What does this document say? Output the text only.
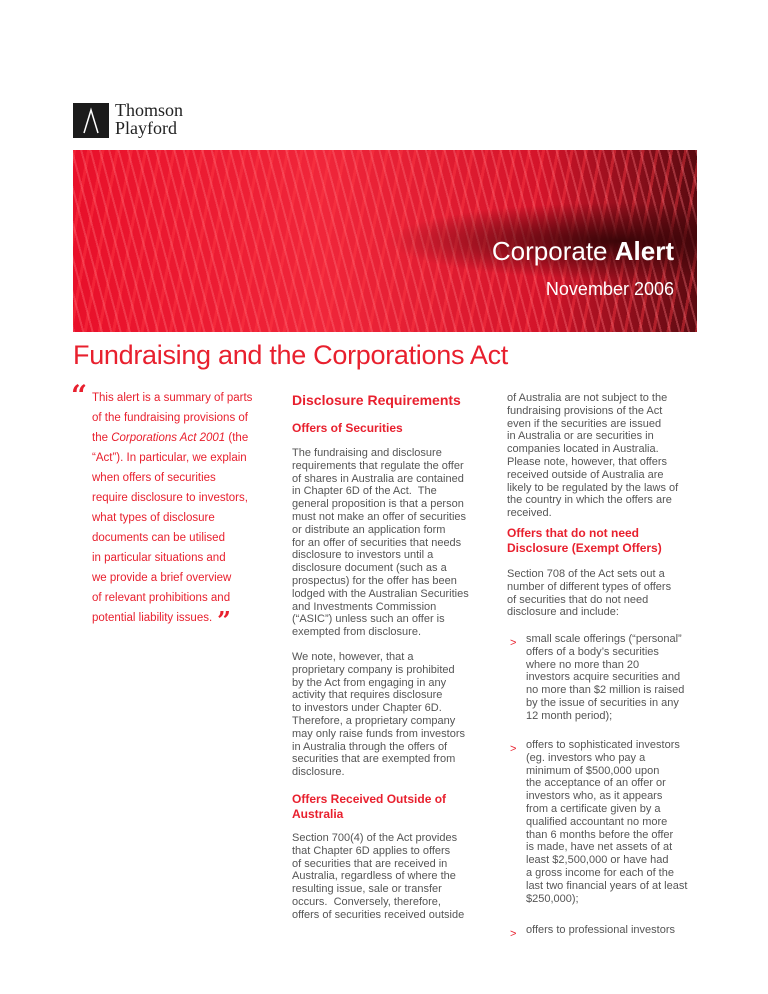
Thomson
Playford
Corporate Alert
November 2006
Fundraising and the Corporations Act
“ This alert is a summary of parts
of the fundraising provisions of
the Corporations Act 2001 (the
“Act”). In particular, we explain
when offers of securities
require disclosure to investors,
what types of disclosure
documents can be utilised
in particular situations and
we provide a brief overview
of relevant prohibitions and
potential liability issues. ”
Disclosure Requirements
Offers of Securities
The fundraising and disclosure
requirements that regulate the offer
of shares in Australia are contained
in Chapter 6D of the Act.  The
general proposition is that a person
must not make an offer of securities
or distribute an application form
for an offer of securities that needs
disclosure to investors until a
disclosure document (such as a
prospectus) for the offer has been
lodged with the Australian Securities
and Investments Commission
(“ASIC”) unless such an offer is
exempted from disclosure.
We note, however, that a
proprietary company is prohibited
by the Act from engaging in any
activity that requires disclosure
to investors under Chapter 6D.
Therefore, a proprietary company
may only raise funds from investors
in Australia through the offers of
securities that are exempted from
disclosure.
Offers Received Outside of
Australia
Section 700(4) of the Act provides
that Chapter 6D applies to offers
of securities that are received in
Australia, regardless of where the
resulting issue, sale or transfer
occurs.  Conversely, therefore,
offers of securities received outside
of Australia are not subject to the
fundraising provisions of the Act
even if the securities are issued
in Australia or are securities in
companies located in Australia.
Please note, however, that offers
received outside of Australia are
likely to be regulated by the laws of
the country in which the offers are
received.
Offers that do not need
Disclosure (Exempt Offers)
Section 708 of the Act sets out a
number of different types of offers
of securities that do not need
disclosure and include:
> small scale offerings (“personal”
offers of a body’s securities
where no more than 20
investors acquire securities and
no more than $2 million is raised
by the issue of securities in any
12 month period);
> offers to sophisticated investors
(eg. investors who pay a
minimum of $500,000 upon
the acceptance of an offer or
investors who, as it appears
from a certificate given by a
qualified accountant no more
than 6 months before the offer
is made, have net assets of at
least $2,500,000 or have had
a gross income for each of the
last two financial years of at least
$250,000);
> offers to professional investors
